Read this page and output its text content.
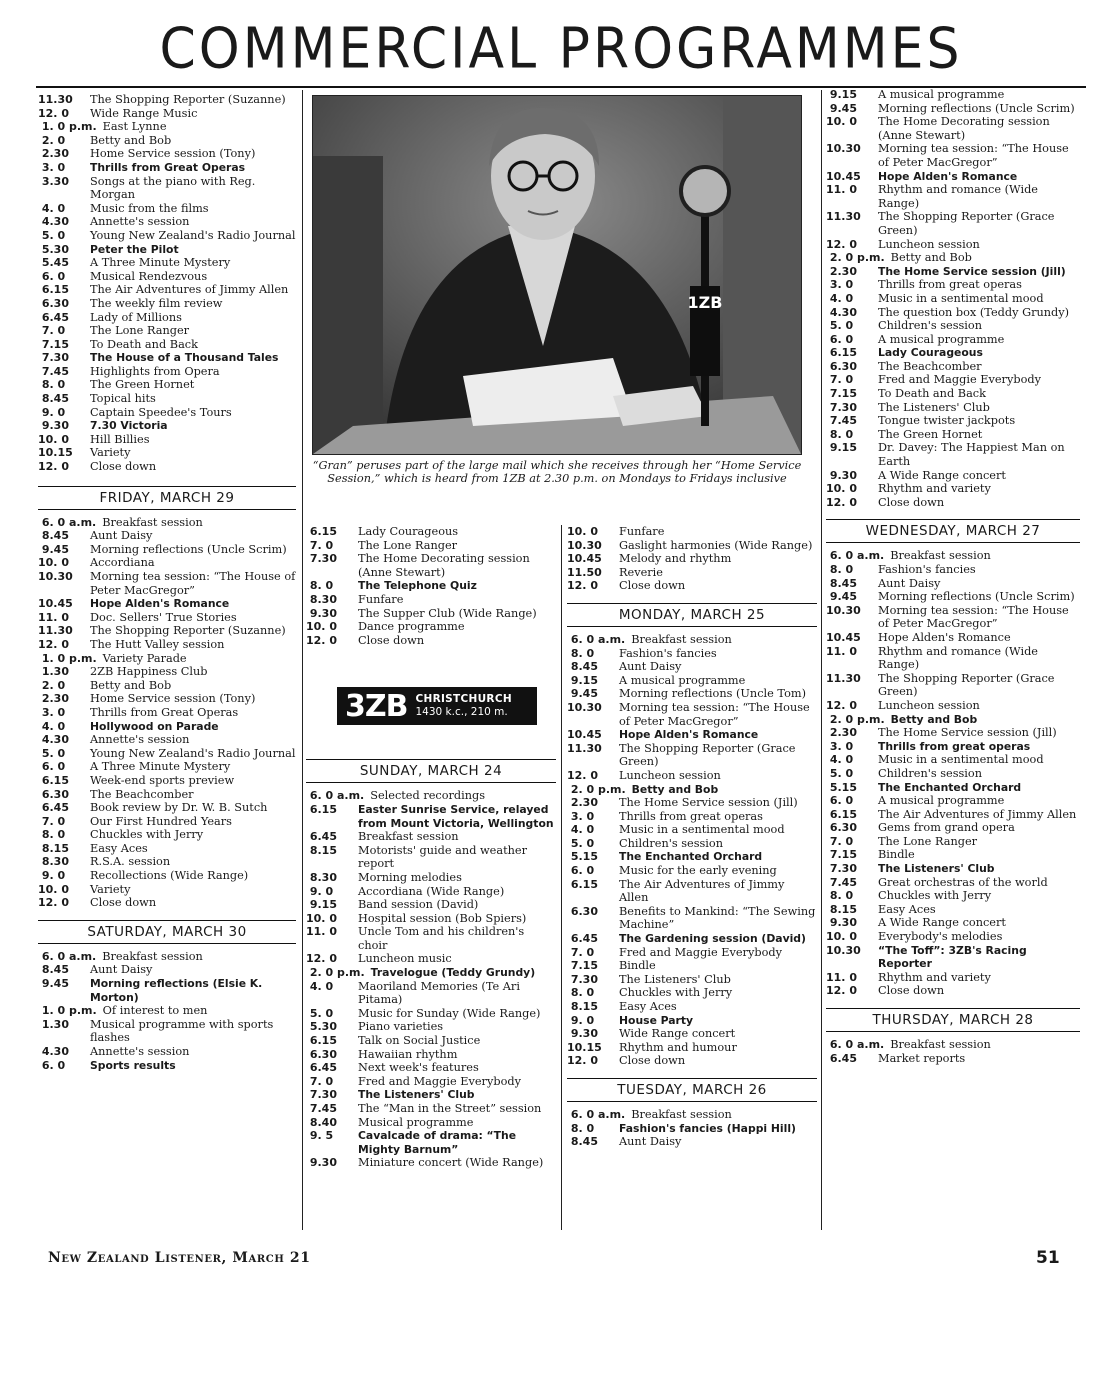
COMMERCIAL PROGRAMMES
11.30	The Shopping Reporter (Suzanne)
12. 0	Wide Range Music
1. 0 p.m. East Lynne
2. 0	Betty and Bob
2.30	Home Service session (Tony)
3. 0	Thrills from Great Operas
3.30	Songs at the piano with Reg. Morgan
4. 0	Music from the films
4.30	Annette's session
5. 0	Young New Zealand's Radio Journal
5.30	Peter the Pilot
5.45	A Three Minute Mystery
6. 0	Musical Rendezvous
6.15	The Air Adventures of Jimmy Allen
6.30	The weekly film review
6.45	Lady of Millions
7. 0	The Lone Ranger
7.15	To Death and Back
7.30	The House of a Thousand Tales
7.45	Highlights from Opera
8. 0	The Green Hornet
8.45	Topical hits
9. 0	Captain Speedee's Tours
9.30	7.30 Victoria
10. 0	Hill Billies
10.15	Variety
12. 0	Close down
FRIDAY, MARCH 29
6. 0 a.m. Breakfast session
8.45	Aunt Daisy
9.45	Morning reflections (Uncle Scrim)
10. 0	Accordiana
10.30	Morning tea session: “The House of Peter MacGregor”
10.45	Hope Alden's Romance
11. 0	Doc. Sellers' True Stories
11.30	The Shopping Reporter (Suzanne)
12. 0	The Hutt Valley session
1. 0 p.m. Variety Parade
1.30	2ZB Happiness Club
2. 0	Betty and Bob
2.30	Home Service session (Tony)
3. 0	Thrills from Great Operas
4. 0	Hollywood on Parade
4.30	Annette's session
5. 0	Young New Zealand's Radio Journal
6. 0	A Three Minute Mystery
6.15	Week-end sports preview
6.30	The Beachcomber
6.45	Book review by Dr. W. B. Sutch
7. 0	Our First Hundred Years
8. 0	Chuckles with Jerry
8.15	Easy Aces
8.30	R.S.A. session
9. 0	Recollections (Wide Range)
10. 0	Variety
12. 0	Close down
SATURDAY, MARCH 30
6. 0 a.m. Breakfast session
8.45	Aunt Daisy
9.45	Morning reflections (Elsie K. Morton)
1. 0 p.m. Of interest to men
1.30	Musical programme with sports flashes
4.30	Annette's session
6. 0	Sports results
1ZB
“Gran” peruses part of the large mail which she receives through her “Home Service Session,” which is heard from 1ZB at 2.30 p.m. on Mondays to Fridays inclusive
6.15	Lady Courageous
7. 0	The Lone Ranger
7.30	The Home Decorating session (Anne Stewart)
8. 0	The Telephone Quiz
8.30	Funfare
9.30	The Supper Club (Wide Range)
10. 0	Dance programme
12. 0	Close down
SUNDAY, MARCH 24
6. 0 a.m. Selected recordings
6.15	Easter Sunrise Service, relayed from Mount Victoria, Wellington
6.45	Breakfast session
8.15	Motorists' guide and weather report
8.30	Morning melodies
9. 0	Accordiana (Wide Range)
9.15	Band session (David)
10. 0	Hospital session (Bob Spiers)
11. 0	Uncle Tom and his children's choir
12. 0	Luncheon music
2. 0 p.m. Travelogue (Teddy Grundy)
4. 0	Maoriland Memories (Te Ari Pitama)
5. 0	Music for Sunday (Wide Range)
5.30	Piano varieties
6.15	Talk on Social Justice
6.30	Hawaiian rhythm
6.45	Next week's features
7. 0	Fred and Maggie Everybody
7.30	The Listeners' Club
7.45	The “Man in the Street” session
8.40	Musical programme
9. 5	Cavalcade of drama: “The Mighty Barnum”
9.30	Miniature concert (Wide Range)
3ZB CHRISTCHURCH
1430 k.c., 210 m.
10. 0	Funfare
10.30	Gaslight harmonies (Wide Range)
10.45	Melody and rhythm
11.50	Reverie
12. 0	Close down
MONDAY, MARCH 25
6. 0 a.m. Breakfast session
8. 0	Fashion's fancies
8.45	Aunt Daisy
9.15	A musical programme
9.45	Morning reflections (Uncle Tom)
10.30	Morning tea session: “The House of Peter MacGregor”
10.45	Hope Alden's Romance
11.30	The Shopping Reporter (Grace Green)
12. 0	Luncheon session
2. 0 p.m. Betty and Bob
2.30	The Home Service session (Jill)
3. 0	Thrills from great operas
4. 0	Music in a sentimental mood
5. 0	Children's session
5.15	The Enchanted Orchard
6. 0	Music for the early evening
6.15	The Air Adventures of Jimmy Allen
6.30	Benefits to Mankind: “The Sewing Machine”
6.45	The Gardening session (David)
7. 0	Fred and Maggie Everybody
7.15	Bindle
7.30	The Listeners' Club
8. 0	Chuckles with Jerry
8.15	Easy Aces
9. 0	House Party
9.30	Wide Range concert
10.15	Rhythm and humour
12. 0	Close down
TUESDAY, MARCH 26
6. 0 a.m. Breakfast session
8. 0	Fashion's fancies (Happi Hill)
8.45	Aunt Daisy
9.15	A musical programme
9.45	Morning reflections (Uncle Scrim)
10. 0	The Home Decorating session (Anne Stewart)
10.30	Morning tea session: “The House of Peter MacGregor”
10.45	Hope Alden's Romance
11. 0	Rhythm and romance (Wide Range)
11.30	The Shopping Reporter (Grace Green)
12. 0	Luncheon session
2. 0 p.m. Betty and Bob
2.30	The Home Service session (Jill)
3. 0	Thrills from great operas
4. 0	Music in a sentimental mood
4.30	The question box (Teddy Grundy)
5. 0	Children's session
6. 0	A musical programme
6.15	Lady Courageous
6.30	The Beachcomber
7. 0	Fred and Maggie Everybody
7.15	To Death and Back
7.30	The Listeners' Club
7.45	Tongue twister jackpots
8. 0	The Green Hornet
9.15	Dr. Davey: The Happiest Man on Earth
9.30	A Wide Range concert
10. 0	Rhythm and variety
12. 0	Close down
WEDNESDAY, MARCH 27
6. 0 a.m. Breakfast session
8. 0	Fashion's fancies
8.45	Aunt Daisy
9.45	Morning reflections (Uncle Scrim)
10.30	Morning tea session: “The House of Peter MacGregor”
10.45	Hope Alden's Romance
11. 0	Rhythm and romance (Wide Range)
11.30	The Shopping Reporter (Grace Green)
12. 0	Luncheon session
2. 0 p.m. Betty and Bob
2.30	The Home Service session (Jill)
3. 0	Thrills from great operas
4. 0	Music in a sentimental mood
5. 0	Children's session
5.15	The Enchanted Orchard
6. 0	A musical programme
6.15	The Air Adventures of Jimmy Allen
6.30	Gems from grand opera
7. 0	The Lone Ranger
7.15	Bindle
7.30	The Listeners' Club
7.45	Great orchestras of the world
8. 0	Chuckles with Jerry
8.15	Easy Aces
9.30	A Wide Range concert
10. 0	Everybody's melodies
10.30	“The Toff”: 3ZB's Racing Reporter
11. 0	Rhythm and variety
12. 0	Close down
THURSDAY, MARCH 28
6. 0 a.m. Breakfast session
6.45	Market reports
New Zealand Listener, March 21	51
